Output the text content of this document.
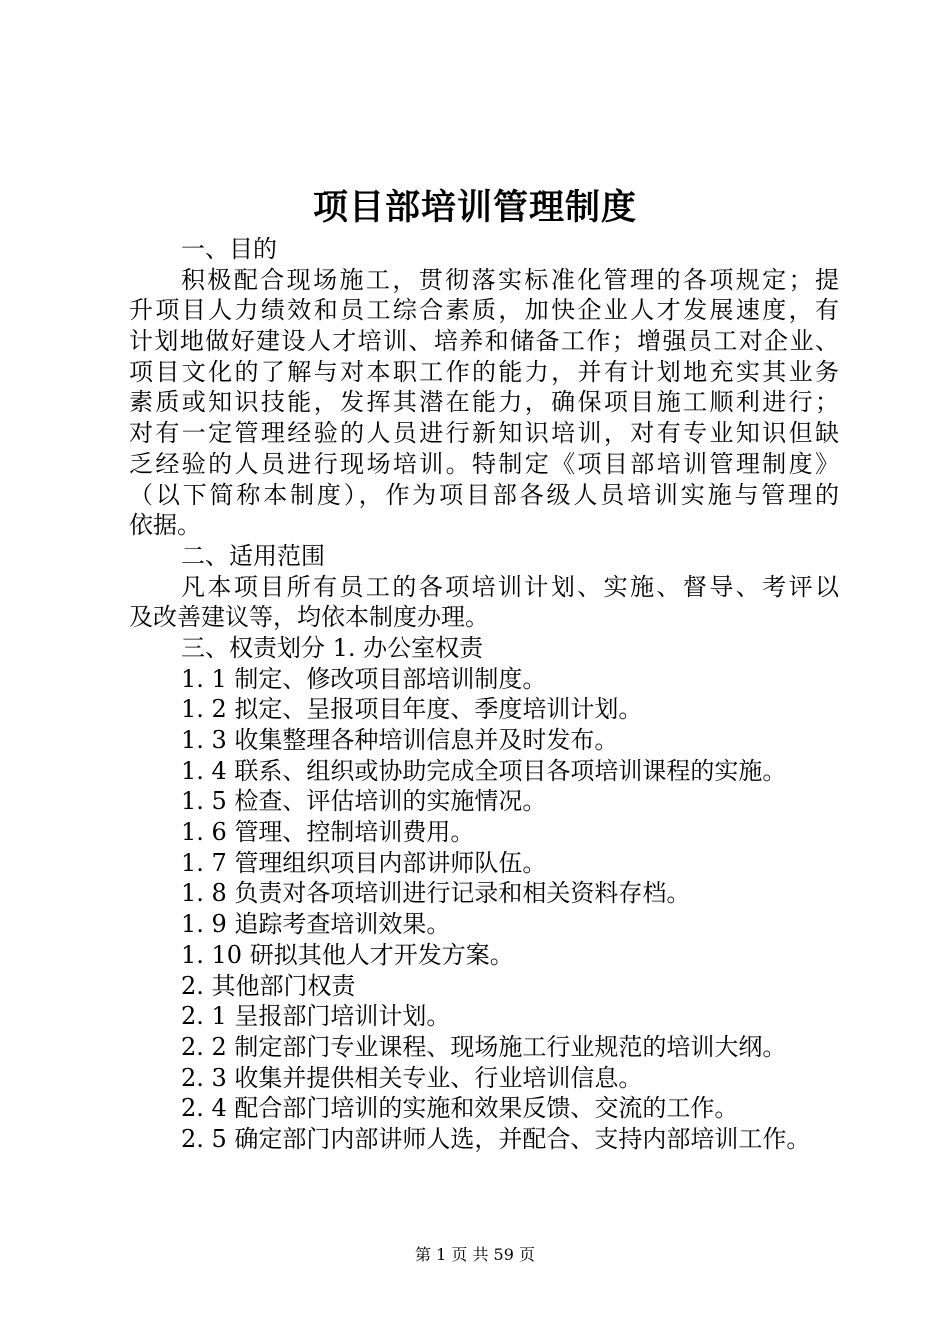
项目部培训管理制度
一、目的
积极配合现场施工，贯彻落实标准化管理的各项规定；提
升项目人力绩效和员工综合素质，加快企业人才发展速度，有
计划地做好建设人才培训、培养和储备工作；增强员工对企业、
项目文化的了解与对本职工作的能力，并有计划地充实其业务
素质或知识技能，发挥其潜在能力，确保项目施工顺利进行；
对有一定管理经验的人员进行新知识培训，对有专业知识但缺
乏经验的人员进行现场培训。特制定《项目部培训管理制度》
（以下简称本制度），作为项目部各级人员培训实施与管理的
依据。
二、适用范围
凡本项目所有员工的各项培训计划、实施、督导、考评以
及改善建议等，均依本制度办理。
三、权责划分 1. 办公室权责
1. 1 制定、修改项目部培训制度。
1. 2 拟定、呈报项目年度、季度培训计划。
1. 3 收集整理各种培训信息并及时发布。
1. 4 联系、组织或协助完成全项目各项培训课程的实施。
1. 5 检查、评估培训的实施情况。
1. 6 管理、控制培训费用。
1. 7 管理组织项目内部讲师队伍。
1. 8 负责对各项培训进行记录和相关资料存档。
1. 9 追踪考查培训效果。
1. 10 研拟其他人才开发方案。
2. 其他部门权责
2. 1 呈报部门培训计划。
2. 2 制定部门专业课程、现场施工行业规范的培训大纲。
2. 3 收集并提供相关专业、行业培训信息。
2. 4 配合部门培训的实施和效果反馈、交流的工作。
2. 5 确定部门内部讲师人选，并配合、支持内部培训工作。
第 1 页 共 59 页
